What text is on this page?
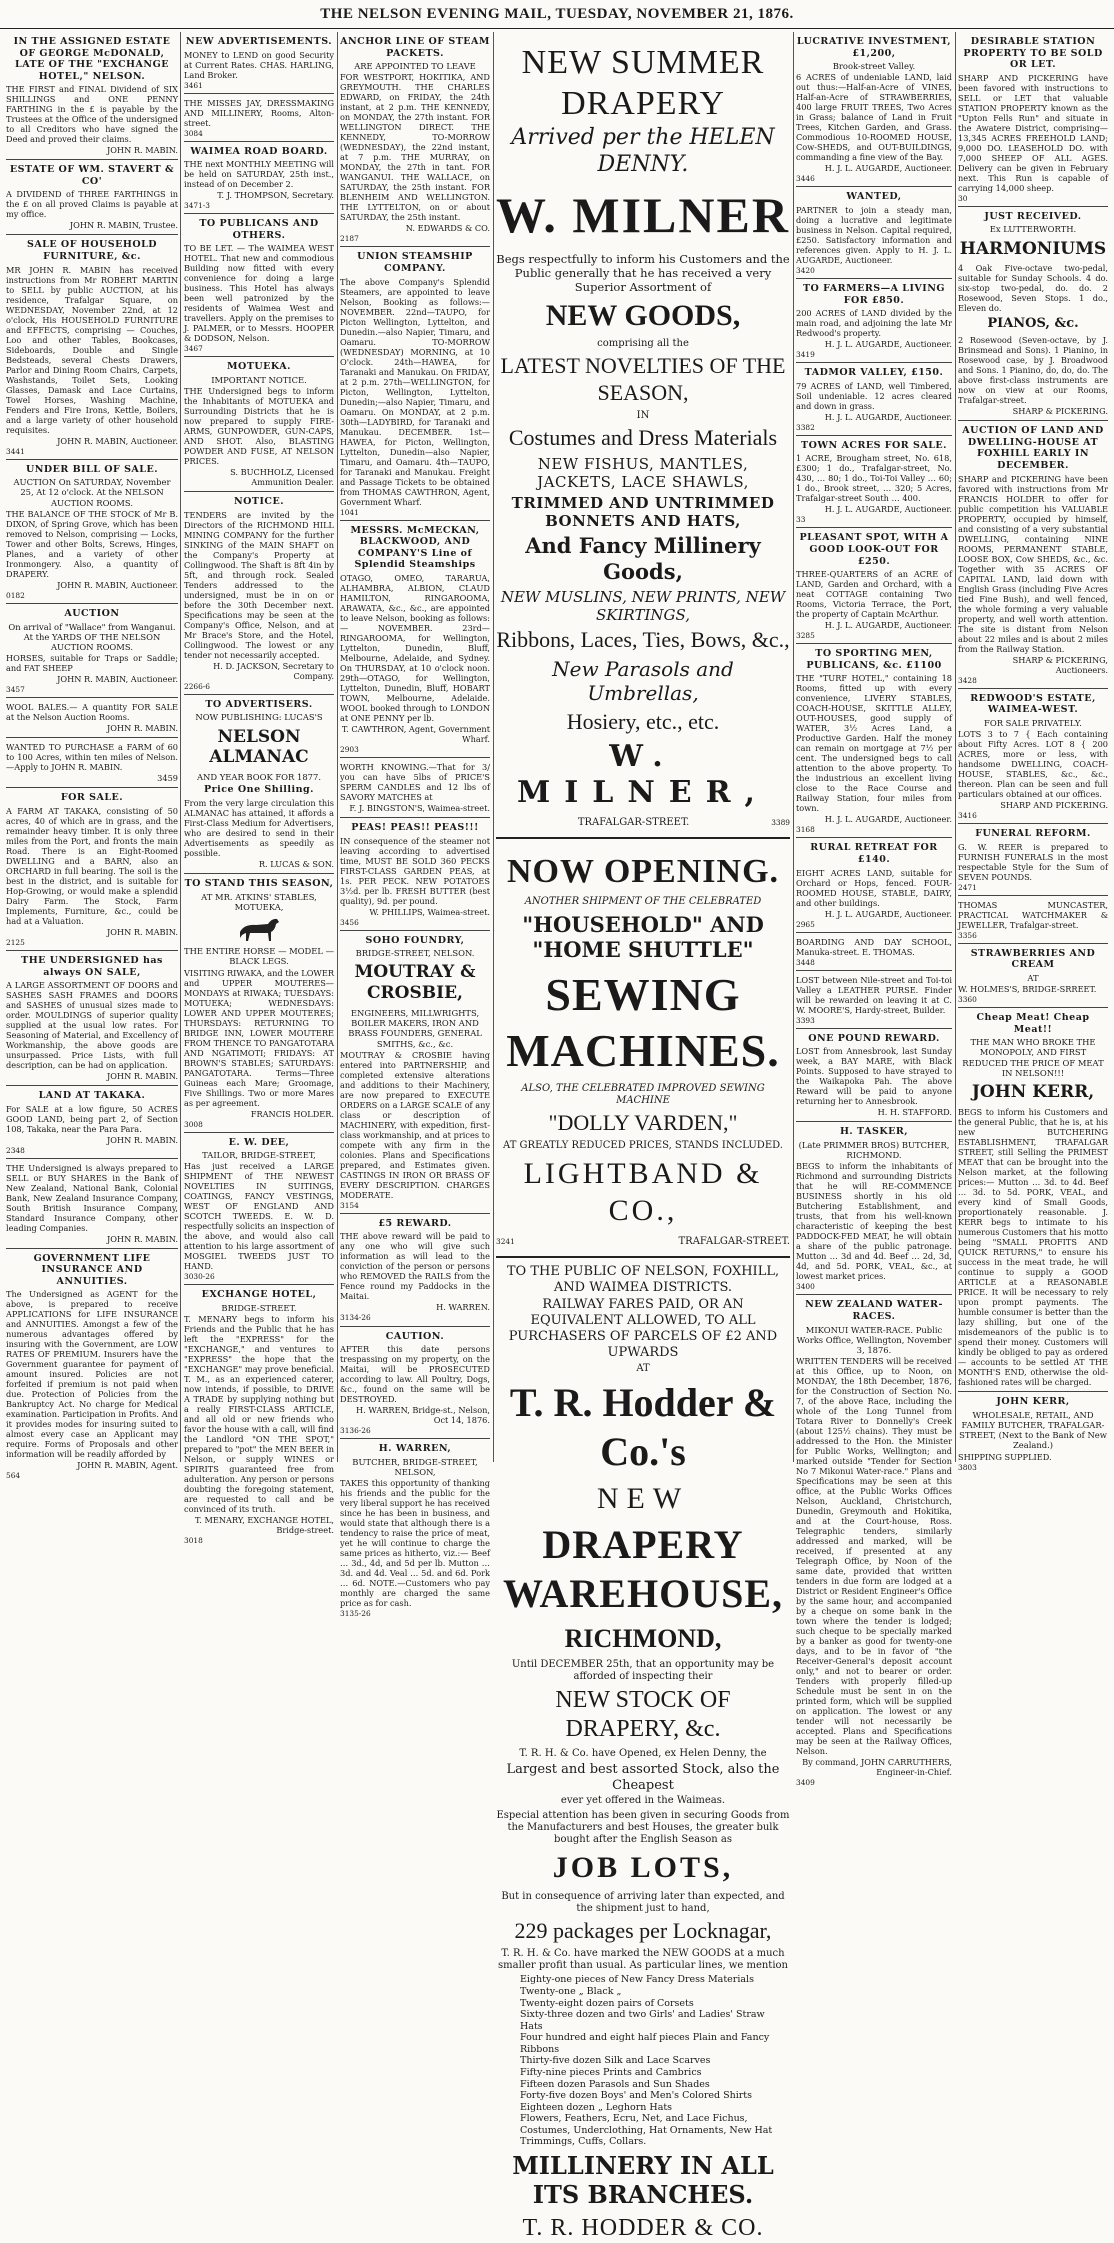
THE NELSON EVENING MAIL, TUESDAY, NOVEMBER 21, 1876.
IN THE ASSIGNED ESTATE OF GEORGE McDONALD, LATE OF THE "EXCHANGE HOTEL," NELSON.
THE FIRST and FINAL Dividend of SIX SHILLINGS and ONE PENNY FARTHING in the £ is payable by the Trustees at the Office of the undersigned to all Creditors who have signed the Deed and proved their claims.
JOHN R. MABIN.
ESTATE OF WM. STAVERT & CO'
A DIVIDEND of THREE FARTHINGS in the £ on all proved Claims is payable at my office.
JOHN R. MABIN, Trustee.
SALE OF HOUSEHOLD FURNITURE, &c.
MR JOHN R. MABIN has received instructions from Mr ROBERT MARTIN to SELL by public AUCTION, at his residence, Trafalgar Square, on WEDNESDAY, November 22nd, at 12 o'clock, His HOUSEHOLD FURNITURE and EFFECTS, comprising — Couches, Loo and other Tables, Bookcases, Sideboards, Double and Single Bedsteads, several Chests Drawers, Parlor and Dining Room Chairs, Carpets, Washstands, Toilet Sets, Looking Glasses, Damask and Lace Curtains, Towel Horses, Washing Machine, Fenders and Fire Irons, Kettle, Boilers, and a large variety of other household requisites.
JOHN R. MABIN, Auctioneer.
3441
UNDER BILL OF SALE.
AUCTION On SATURDAY, November 25, At 12 o'clock. At the NELSON AUCTION ROOMS.
THE BALANCE OF THE STOCK of Mr B. DIXON, of Spring Grove, which has been removed to Nelson, comprising — Locks, Tower and other Bolts, Screws, Hinges, Planes, and a variety of other Ironmongery. Also, a quantity of DRAPERY.
JOHN R. MABIN, Auctioneer.
0182
AUCTION
On arrival of "Wallace" from Wanganui. At the YARDS OF THE NELSON AUCTION ROOMS.
HORSES, suitable for Traps or Saddle; and FAT SHEEP
JOHN R. MABIN, Auctioneer.
3457
WOOL BALES.— A quantity FOR SALE at the Nelson Auction Rooms.
JOHN R. MABIN.
WANTED TO PURCHASE a FARM of 60 to 100 Acres, within ten miles of Nelson.—Apply to JOHN R. MABIN.
3459
FOR SALE.
A FARM AT TAKAKA, consisting of 50 acres, 40 of which are in grass, and the remainder heavy timber. It is only three miles from the Port, and fronts the main Road. There is an Eight-Roomed DWELLING and a BARN, also an ORCHARD in full bearing. The soil is the best in the district, and is suitable for Hop-Growing, or would make a splendid Dairy Farm. The Stock, Farm Implements, Furniture, &c., could be had at a Valuation.
JOHN R. MABIN.
2125
THE UNDERSIGNED has always ON SALE,
A LARGE ASSORTMENT OF DOORS and SASHES SASH FRAMES and DOORS and SASHES of unusual sizes made to order. MOULDINGS of superior quality supplied at the usual low rates. For Seasoning of Material, and Excellency of Workmanship, the above goods are unsurpassed. Price Lists, with full description, can be had on application.
JOHN R. MABIN.
LAND AT TAKAKA.
For SALE at a low figure, 50 ACRES GOOD LAND, being part 2, of Section 108, Takaka, near the Para Para.
JOHN R. MABIN.
2348
THE Undersigned is always prepared to SELL or BUY SHARES in the Bank of New Zealand, National Bank, Colonial Bank, New Zealand Insurance Company, South British Insurance Company, Standard Insurance Company, other leading Companies.
JOHN R. MABIN.
GOVERNMENT LIFE INSURANCE AND ANNUITIES.
The Undersigned as AGENT for the above, is prepared to receive APPLICATIONS for LIFE INSURANCE and ANNUITIES. Amongst a few of the numerous advantages offered by insuring with the Government, are LOW RATES OF PREMIUM. Insurers have the Government guarantee for payment of amount insured. Policies are not forfeited if premium is not paid when due. Protection of Policies from the Bankruptcy Act. No charge for Medical examination. Participation in Profits. And it provides modes for insuring suited to almost every case an Applicant may require. Forms of Proposals and other information will be readily afforded by
JOHN R. MABIN, Agent.
564
NEW ADVERTISEMENTS.
MONEY to LEND on good Security at Current Rates. CHAS. HARLING, Land Broker.
3461
THE MISSES JAY, DRESSMAKING AND MILLINERY, Rooms, Alton-street.
3084
WAIMEA ROAD BOARD.
THE next MONTHLY MEETING will be held on SATURDAY, 25th inst., instead of on December 2.
T. J. THOMPSON, Secretary.
3471-3
TO PUBLICANS AND OTHERS.
TO BE LET. — The WAIMEA WEST HOTEL. That new and commodious Building now fitted with every convenience for doing a large business. This Hotel has always been well patronized by the residents of Waimea West and travellers. Apply on the premises to J. PALMER, or to Messrs. HOOPER & DODSON, Nelson.
3467
MOTUEKA.
IMPORTANT NOTICE.
THE Undersigned begs to inform the Inhabitants of MOTUEKA and Surrounding Districts that he is now prepared to supply FIRE-ARMS, GUNPOWDER, GUN-CAPS, AND SHOT. Also, BLASTING POWDER AND FUSE, AT NELSON PRICES.
S. BUCHHOLZ, Licensed Ammunition Dealer.
NOTICE.
TENDERS are invited by the Directors of the RICHMOND HILL MINING COMPANY for the further SINKING of the MAIN SHAFT on the Company's Property at Collingwood. The Shaft is 8ft 4in by 5ft, and through rock. Sealed Tenders addressed to the undersigned, must be in on or before the 30th December next. Specifications may be seen at the Company's Office, Nelson, and at Mr Brace's Store, and the Hotel, Collingwood. The lowest or any tender not necessarily accepted.
H. D. JACKSON, Secretary to Company.
2266-6
TO ADVERTISERS.
NOW PUBLISHING: LUCAS'S
NELSON ALMANAC
AND YEAR BOOK FOR 1877.
Price One Shilling.
From the very large circulation this ALMANAC has attained, it affords a First-Class Medium for Advertisers, who are desired to send in their Advertisements as speedily as possible.
R. LUCAS & SON.
TO STAND THIS SEASON,
AT MR. ATKINS' STABLES, MOTUEKA,
THE ENTIRE HORSE — MODEL — BLACK LEGS.
VISITING RIWAKA, and the LOWER and UPPER MOUTERES— MONDAYS at RIWAKA; TUESDAYS: MOTUEKA; WEDNESDAYS: LOWER AND UPPER MOUTERES; THURSDAYS: RETURNING TO BRIDGE INN, LOWER MOUTERE FROM THENCE TO PANGATOTARA AND NGATIMOTI; FRIDAYS: AT BROWN'S STABLES; SATURDAYS: PANGATOTARA. Terms—Three Guineas each Mare; Groomage, Five Shillings. Two or more Mares as per agreement.
FRANCIS HOLDER.
3008
E. W. DEE,
TAILOR, BRIDGE-STREET,
Has just received a LARGE SHIPMENT of THE NEWEST NOVELTIES IN SUITINGS, COATINGS, FANCY VESTINGS, WEST OF ENGLAND AND SCOTCH TWEEDS. E. W. D. respectfully solicits an inspection of the above, and would also call attention to his large assortment of MOSGIEL TWEEDS JUST TO HAND.
3030-26
EXCHANGE HOTEL,
BRIDGE-STREET.
T. MENARY begs to inform his Friends and the Public that he has left the "EXPRESS" for the "EXCHANGE," and ventures to "EXPRESS" the hope that the "EXCHANGE" may prove beneficial. T. M., as an experienced caterer, now intends, if possible, to DRIVE A TRADE by supplying nothing but a really FIRST-CLASS ARTICLE, and all old or new friends who favor the house with a call, will find the Landlord "ON THE SPOT," prepared to "pot" the MEN BEER in Nelson, or supply WINES or SPIRITS guaranteed free from adulteration. Any person or persons doubting the foregoing statement, are requested to call and be convinced of its truth.
T. MENARY, EXCHANGE HOTEL, Bridge-street.
3018
ANCHOR LINE OF STEAM PACKETS.
ARE APPOINTED TO LEAVE
FOR WESTPORT, HOKITIKA, AND GREYMOUTH. THE CHARLES EDWARD, on FRIDAY, the 24th instant, at 2 p.m. THE KENNEDY, on MONDAY, the 27th instant. FOR WELLINGTON DIRECT. THE KENNEDY, TO-MORROW (WEDNESDAY), the 22nd instant, at 7 p.m. THE MURRAY, on MONDAY, the 27th in tant. FOR WANGANUI. THE WALLACE, on SATURDAY, the 25th instant. FOR BLENHEIM AND WELLINGTON. THE LYTTELTON, on or about SATURDAY, the 25th instant.
N. EDWARDS & CO.
2187
UNION STEAMSHIP COMPANY.
The above Company's Splendid Steamers, are appointed to leave Nelson, Booking as follows:— NOVEMBER. 22nd—TAUPO, for Picton Wellington, Lyttelton, and Dunedin.—also Napier, Timaru, and Oamaru. TO-MORROW (WEDNESDAY) MORNING, at 10 O'clock. 24th—HAWEA, for Taranaki and Manukau. On FRIDAY, at 2 p.m. 27th—WELLINGTON, for Picton, Wellington, Lyttelton, Dunedin;—also Napier, Timaru, and Oamaru. On MONDAY, at 2 p.m. 30th—LADYBIRD, for Taranaki and Manukau. DECEMBER. 1st—HAWEA, for Picton, Wellington, Lyttelton, Dunedin—also Napier, Timaru, and Oamaru. 4th—TAUPO, for Taranaki and Manukau. Freight and Passage Tickets to be obtained from THOMAS CAWTHRON, Agent, Government Wharf.
1041
MESSRS. McMECKAN, BLACKWOOD, AND COMPANY'S Line of Splendid Steamships
OTAGO, OMEO, TARARUA, ALHAMBRA, ALBION, CLAUD HAMILTON, RINGAROOMA, ARAWATA, &c., &c., are appointed to leave Nelson, booking as follows:— NOVEMBER. 23rd—RINGAROOMA, for Wellington, Lyttelton, Dunedin, Bluff, Melbourne, Adelaide, and Sydney. On THURSDAY, at 10 o'clock noon. 29th—OTAGO, for Wellington, Lyttelton, Dunedin, Bluff, HOBART TOWN, Melbourne, Adelaide. WOOL booked through to LONDON at ONE PENNY per lb.
T. CAWTHRON, Agent, Government Wharf.
2903
WORTH KNOWING.—That for 3/ you can have 5lbs of PRICE'S SPERM CANDLES and 12 lbs of SAVORY MATCHES at
F. J. BINGSTON'S, Waimea-street.
PEAS! PEAS!! PEAS!!!
IN consequence of the steamer not leaving according to advertised time, MUST BE SOLD 360 PECKS FIRST-CLASS GARDEN PEAS, at 1s. PER PECK. NEW POTATOES 3½d. per lb. FRESH BUTTER (best quality), 9d. per pound.
W. PHILLIPS, Waimea-street.
3456
SOHO FOUNDRY,
BRIDGE-STREET, NELSON.
MOUTRAY & CROSBIE,
ENGINEERS, MILLWRIGHTS, BOILER MAKERS, IRON AND BRASS FOUNDERS, GENERAL SMITHS, &c., &c.
MOUTRAY & CROSBIE having entered into PARTNERSHIP, and completed extensive alterations and additions to their Machinery, are now prepared to EXECUTE ORDERS on a LARGE SCALE of any class or description of MACHINERY, with expedition, first-class workmanship, and at prices to compete with any firm in the colonies. Plans and Specifications prepared, and Estimates given. CASTINGS IN IRON OR BRASS OF EVERY DESCRIPTION. CHARGES MODERATE.
3154
£5 REWARD.
THE above reward will be paid to any one who will give such information as will lead to the conviction of the person or persons who REMOVED the RAILS from the Fence round my Paddocks in the Maitai.
H. WARREN.
3134-26
CAUTION.
AFTER this date persons trespassing on my property, on the Maitai, will be PROSECUTED according to law. All Poultry, Dogs, &c., found on the same will be DESTROYED.
H. WARREN, Bridge-st., Nelson, Oct 14, 1876.
3136-26
H. WARREN,
BUTCHER, BRIDGE-STREET, NELSON,
TAKES this opportunity of thanking his friends and the public for the very liberal support he has received since he has been in business, and would state that although there is a tendency to raise the price of meat, yet he will continue to charge the same prices as hitherto, viz.:— Beef … 3d., 4d, and 5d per lb. Mutton … 3d. and 4d. Veal … 5d. and 6d. Pork … 6d. NOTE.—Customers who pay monthly are charged the same price as for cash.
3135-26
NEW SUMMER DRAPERY
Arrived per the HELEN DENNY.
W. MILNER
Begs respectfully to inform his Customers and the Public generally that he has received a very Superior Assortment of
NEW GOODS,
comprising all the
LATEST NOVELTIES OF THE SEASON,
IN
Costumes and Dress Materials
NEW FISHUS, MANTLES, JACKETS, LACE SHAWLS,
TRIMMED AND UNTRIMMED BONNETS AND HATS,
And Fancy Millinery Goods,
NEW MUSLINS, NEW PRINTS, NEW SKIRTINGS,
Ribbons, Laces, Ties, Bows, &c.,
New Parasols and Umbrellas,
Hosiery, etc., etc.
W. MILNER,
TRAFALGAR-STREET.	3389
NOW OPENING.
ANOTHER SHIPMENT OF THE CELEBRATED
"HOUSEHOLD" AND "HOME SHUTTLE"
SEWING MACHINES.
ALSO, THE CELEBRATED IMPROVED SEWING MACHINE
"DOLLY VARDEN,"
AT GREATLY REDUCED PRICES, STANDS INCLUDED.
LIGHTBAND & CO.,
3241	TRAFALGAR-STREET.
TO THE PUBLIC OF NELSON, FOXHILL, AND WAIMEA DISTRICTS.
RAILWAY FARES PAID, OR AN EQUIVALENT ALLOWED, TO ALL PURCHASERS OF PARCELS OF £2 AND UPWARDS
AT
T. R. Hodder & Co.'s
NEW
DRAPERY WAREHOUSE,
RICHMOND,
Until DECEMBER 25th, that an opportunity may be afforded of inspecting their
NEW STOCK OF DRAPERY, &c.
T. R. H. & Co. have Opened, ex Helen Denny, the
Largest and best assorted Stock, also the Cheapest
ever yet offered in the Waimeas.
Especial attention has been given in securing Goods from the Manufacturers and best Houses, the greater bulk bought after the English Season as
JOB LOTS,
But in consequence of arriving later than expected, and the shipment just to hand,
229 packages per Locknagar,
T. R. H. & Co. have marked the NEW GOODS at a much smaller profit than usual. As particular lines, we mention
Eighty-one pieces of New Fancy Dress Materials
Twenty-one „ Black „
Twenty-eight dozen pairs of Corsets
Sixty-three dozen and two Girls' and Ladies' Straw Hats
Four hundred and eight half pieces Plain and Fancy Ribbons
Thirty-five dozen Silk and Lace Scarves
Fifty-nine pieces Prints and Cambrics
Fifteen dozen Parasols and Sun Shades
Forty-five dozen Boys' and Men's Colored Shirts
Eighteen dozen „ Leghorn Hats
Flowers, Feathers, Ecru, Net, and Lace Fichus, Costumes, Underclothing, Hat Ornaments, New Hat Trimmings, Cuffs, Collars.
MILLINERY IN ALL ITS BRANCHES.
T. R. HODDER & CO.
LUCRATIVE INVESTMENT, £1,200,
Brook-street Valley.
6 ACRES of undeniable LAND, laid out thus:—Half-an-Acre of VINES, Half-an-Acre of STRAWBERRIES, 400 large FRUIT TREES, Two Acres in Grass; balance of Land in Fruit Trees, Kitchen Garden, and Grass. Commodious 10-ROOMED HOUSE, Cow-SHEDS, and OUT-BUILDINGS, commanding a fine view of the Bay.
H. J. L. AUGARDE, Auctioneer.
3446
WANTED,
PARTNER to join a steady man, doing a lucrative and legitimate business in Nelson. Capital required, £250. Satisfactory information and references given. Apply to H. J. L. AUGARDE, Auctioneer.
3420
TO FARMERS—A LIVING FOR £850.
200 ACRES of LAND divided by the main road, and adjoining the late Mr Redwood's property.
H. J. L. AUGARDE, Auctioneer.
3419
TADMOR VALLEY, £150.
79 ACRES of LAND, well Timbered, Soil undeniable. 12 acres cleared and down in grass.
H. J. L. AUGARDE, Auctioneer.
3382
TOWN ACRES FOR SALE.
1 ACRE, Brougham street, No. 618, £300; 1 do., Trafalgar-street, No. 430, … 80; 1 do., Toi-Toi Valley … 60; 1 do., Brook street, … 320; 5 Acres, Trafalgar-street South … 400.
H. J. L. AUGARDE, Auctioneer.
33
PLEASANT SPOT, WITH A GOOD LOOK-OUT FOR £250.
THREE-QUARTERS of an ACRE of LAND, Garden and Orchard, with a neat COTTAGE containing Two Rooms, Victoria Terrace, the Port, the property of Captain McArthur.
H. J. L. AUGARDE, Auctioneer.
3285
TO SPORTING MEN, PUBLICANS, &c. £1100
THE "TURF HOTEL," containing 18 Rooms, fitted up with every convenience, LIVERY STABLES, COACH-HOUSE, SKITTLE ALLEY, OUT-HOUSES, good supply of WATER, 3½ Acres Land, a Productive Garden. Half the money can remain on mortgage at 7½ per cent. The undersigned begs to call attention to the above property. To the industrious an excellent living close to the Race Course and Railway Station, four miles from town.
H. J. L. AUGARDE, Auctioneer.
3168
RURAL RETREAT FOR £140.
EIGHT ACRES LAND, suitable for Orchard or Hops, fenced. FOUR-ROOMED HOUSE, STABLE, DAIRY, and other buildings.
H. J. L. AUGARDE, Auctioneer.
2965
BOARDING AND DAY SCHOOL, Manuka-street. E. THOMAS.
3448
LOST between Nile-street and Toi-toi Valley a LEATHER PURSE. Finder will be rewarded on leaving it at C. W. MOORE'S, Hardy-street, Builder.
3393
ONE POUND REWARD.
LOST from Annesbrook, last Sunday week, a BAY MARE, with Black Points. Supposed to have strayed to the Waikapoka Pah. The above Reward will be paid to anyone returning her to Annesbrook.
H. H. STAFFORD.
H. TASKER,
(Late PRIMMER BROS) BUTCHER, RICHMOND.
BEGS to inform the inhabitants of Richmond and surrounding Districts that he will RE-COMMENCE BUSINESS shortly in his old Butchering Establishment, and trusts, that from his well-known characteristic of keeping the best PADDOCK-FED MEAT, he will obtain a share of the public patronage. Mutton … 3d and 4d. Beef … 2d, 3d, 4d, and 5d. PORK, VEAL, &c., at lowest market prices.
3400
NEW ZEALAND WATER-RACES.
MIKONUI WATER-RACE. Public Works Office, Wellington, November 3, 1876.
WRITTEN TENDERS will be received at this Office, up to Noon, on MONDAY, the 18th December, 1876, for the Construction of Section No. 7, of the above Race, including the whole of the Long Tunnel from Totara River to Donnelly's Creek (about 125½ chains). They must be addressed to the Hon. the Minister for Public Works, Wellington; and marked outside "Tender for Section No 7 Mikonui Water-race." Plans and Specifications may be seen at this office, at the Public Works Offices Nelson, Auckland, Christchurch, Dunedin, Greymouth and Hokitika, and at the Court-house, Ross. Telegraphic tenders, similarly addressed and marked, will be received, if presented at any Telegraph Office, by Noon of the same date, provided that written tenders in due form are lodged at a District or Resident Engineer's Office by the same hour, and accompanied by a cheque on some bank in the town where the tender is lodged; such cheque to be specially marked by a banker as good for twenty-one days, and to be in favor of "the Receiver-General's deposit account only," and not to bearer or order. Tenders with properly filled-up Schedule must be sent in on the printed form, which will be supplied on application. The lowest or any tender will not necessarily be accepted. Plans and Specifications may be seen at the Railway Offices, Nelson.
By command, JOHN CARRUTHERS, Engineer-in-Chief.
3409
DESIRABLE STATION PROPERTY TO BE SOLD OR LET.
SHARP AND PICKERING have been favored with instructions to SELL or LET that valuable STATION PROPERTY known as the "Upton Fells Run" and situate in the Awatere District, comprising— 13,345 ACRES FREEHOLD LAND; 9,000 DO. LEASEHOLD DO. with 7,000 SHEEP OF ALL AGES. Delivery can be given in February next. This Run is capable of carrying 14,000 sheep.
30
JUST RECEIVED.
Ex LUTTERWORTH.
HARMONIUMS
4 Oak Five-octave two-pedal, suitable for Sunday Schools. 4 do. six-stop two-pedal, do. do. 2 Rosewood, Seven Stops. 1 do., Eleven do.
PIANOS, &c.
2 Rosewood (Seven-octave, by J. Brinsmead and Sons). 1 Pianino, in Rosewood case, by J. Broadwood and Sons. 1 Pianino, do, do, do. The above first-class instruments are now on view at our Rooms, Trafalgar-street.
SHARP & PICKERING.
AUCTION OF LAND AND DWELLING-HOUSE AT FOXHILL EARLY IN DECEMBER.
SHARP and PICKERING have been favored with instructions from Mr FRANCIS HOLDER to offer for public competition his VALUABLE PROPERTY, occupied by himself, and consisting of a very substantial DWELLING, containing NINE ROOMS, PERMANENT STABLE, LOOSE BOX, Cow SHEDS, &c., &c. Together with 35 ACRES OF CAPITAL LAND, laid down with English Grass (including Five Acres tied Fine Bush), and well fenced, the whole forming a very valuable property, and well worth attention. The site is distant from Nelson about 22 miles and is about 2 miles from the Railway Station.
SHARP & PICKERING, Auctioneers.
3428
REDWOOD'S ESTATE, WAIMEA-WEST.
FOR SALE PRIVATELY.
LOTS 3 to 7 { Each containing about Fifty Acres. LOT 8 { 200 ACRES, more or less, with handsome DWELLING, COACH-HOUSE, STABLES, &c., &c., thereon. Plan can be seen and full particulars obtained at our offices.
SHARP AND PICKERING.
3416
FUNERAL REFORM.
G. W. REER is prepared to FURNISH FUNERALS in the most respectable Style for the Sum of SEVEN POUNDS.
2471
THOMAS MUNCASTER, PRACTICAL WATCHMAKER & JEWELLER, Trafalgar-street.
3356
STRAWBERRIES AND CREAM
AT
W. HOLMES'S, BRIDGE-SRREET.
3360
Cheap Meat! Cheap Meat!!
THE MAN WHO BROKE THE MONOPOLY, AND FIRST REDUCED THE PRICE OF MEAT IN NELSON!!!
JOHN KERR,
BEGS to inform his Customers and the general Public, that he is, at his new BUTCHERING ESTABLISHMENT, TRAFALGAR STREET, still Selling the PRIMEST MEAT that can be brought into the Nelson market, at the following prices:— Mutton … 3d. to 4d. Beef … 3d. to 5d. PORK, VEAL, and every kind of Small Goods, proportionately reasonable. J. KERR begs to intimate to his numerous Customers that his motto being "SMALL PROFITS AND QUICK RETURNS," to ensure his success in the meat trade, he will continue to supply a GOOD ARTICLE at a REASONABLE PRICE. It will be necessary to rely upon prompt payments. The humble consumer is better than the lazy shilling, but one of the misdemeanors of the public is to spend their money. Customers will kindly be obliged to pay as ordered — accounts to be settled AT THE MONTH'S END, otherwise the old-fashioned rates will be charged.
JOHN KERR,
WHOLESALE, RETAIL, AND FAMILY BUTCHER, TRAFALGAR-STREET, (Next to the Bank of New Zealand.)
SHIPPING SUPPLIED.
3803
